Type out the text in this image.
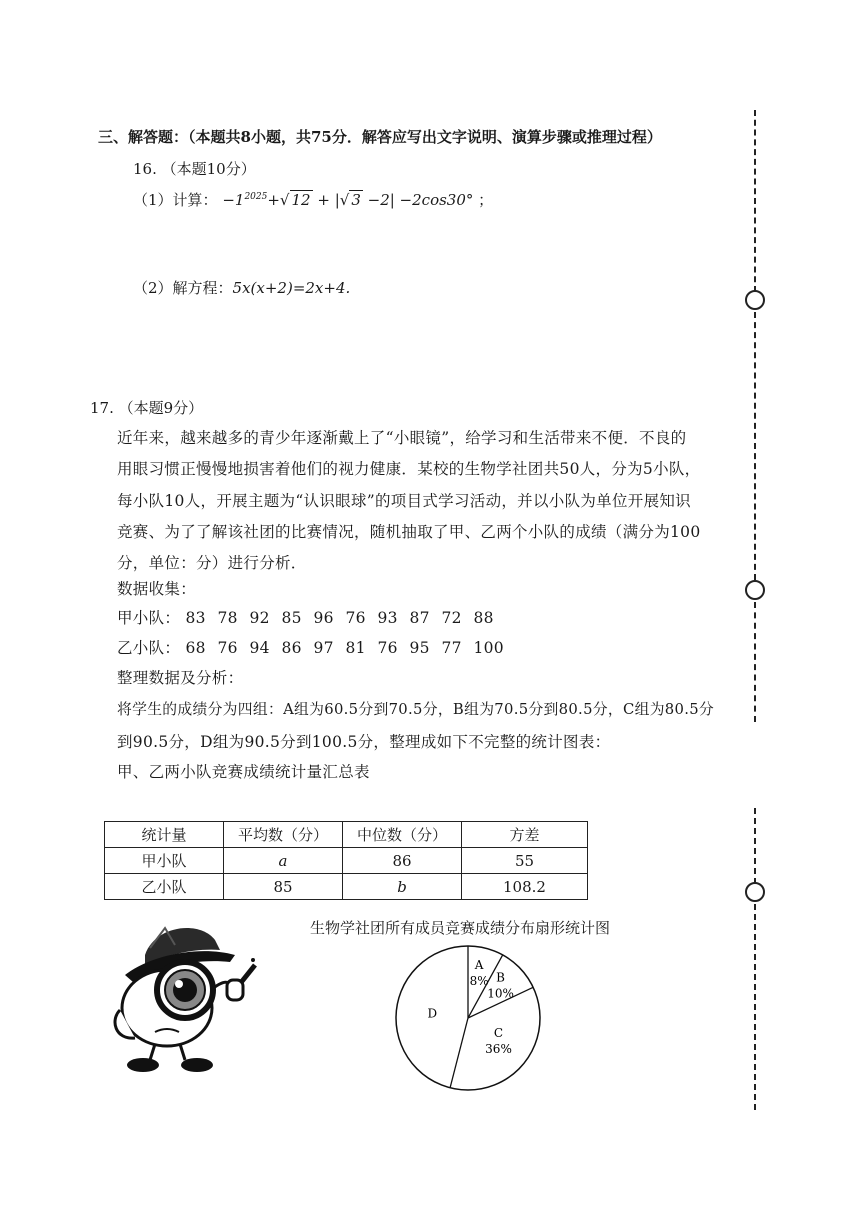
三、解答题：（本题共8小题，共75分．解答应写出文字说明、演算步骤或推理过程）
16. （本题10分）
（1）计算： $-1^{2025}+√$ 12 + |√ 3 −2| −2cos30° ；
（2）解方程：5x(x+2)=2x+4.
17. （本题9分）
近年来，越来越多的青少年逐渐戴上了“小眼镜”，给学习和生活带来不便．不良的
用眼习惯正慢慢地损害着他们的视力健康．某校的生物学社团共50人，分为5小队，
每小队10人，开展主题为“认识眼球”的项目式学习活动，并以小队为单位开展知识
竞赛、为了了解该社团的比赛情况，随机抽取了甲、乙两个小队的成绩（满分为100
分，单位：分）进行分析．
数据收集：
甲小队： 83 78 92 85 96 76 93 87 72 88
乙小队： 68 76 94 86 97 81 76 95 77 100
整理数据及分析：
将学生的成绩分为四组：A组为60.5分到70.5分，B组为70.5分到80.5分，C组为80.5分
到90.5分，D组为90.5分到100.5分，整理成如下不完整的统计图表：
甲、乙两小队竞赛成绩统计量汇总表
统计量	平均数（分）	中位数（分）	方差
甲小队	a	86	55
乙小队	85	b	108.2
生物学社团所有成员竞赛成绩分布扇形统计图
A
8% B
10%
C
36%
D
